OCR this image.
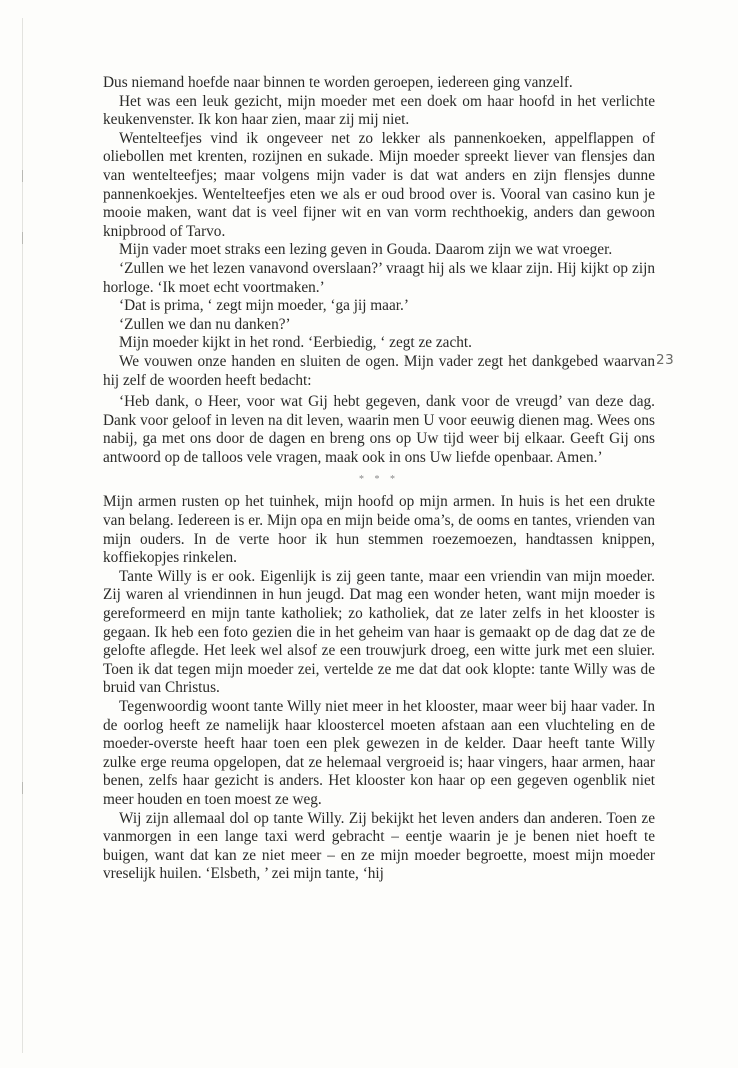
23

Dus niemand hoefde naar binnen te worden geroepen, iedereen ging vanzelf.

Het was een leuk gezicht, mijn moeder met een doek om haar hoofd in het verlichte keukenvenster. Ik kon haar zien, maar zij mij niet.

Wentelteefjes vind ik ongeveer net zo lekker als pannenkoeken, appelflappen of oliebollen met krenten, rozijnen en sukade. Mijn moeder spreekt liever van flensjes dan van wentelteefjes; maar volgens mijn vader is dat wat anders en zijn flensjes dunne pannenkoekjes. Wentelteefjes eten we als er oud brood over is. Vooral van casino kun je mooie maken, want dat is veel fijner wit en van vorm rechthoekig, anders dan gewoon knipbrood of Tarvo.

Mijn vader moet straks een lezing geven in Gouda. Daarom zijn we wat vroeger.

‘Zullen we het lezen vanavond overslaan?’ vraagt hij als we klaar zijn. Hij kijkt op zijn horloge. ‘Ik moet echt voortmaken.’

‘Dat is prima, ‘ zegt mijn moeder, ‘ga jij maar.’

‘Zullen we dan nu danken?’

Mijn moeder kijkt in het rond. ‘Eerbiedig, ‘ zegt ze zacht.

We vouwen onze handen en sluiten de ogen. Mijn vader zegt het dankgebed waarvan hij zelf de woorden heeft bedacht:

‘Heb dank, o Heer, voor wat Gij hebt gegeven, dank voor de vreugd’ van deze dag. Dank voor geloof in leven na dit leven, waarin men U voor eeuwig dienen mag. Wees ons nabij, ga met ons door de dagen en breng ons op Uw tijd weer bij elkaar. Geeft Gij ons antwoord op de talloos vele vragen, maak ook in ons Uw liefde openbaar. Amen.’

* * *

Mijn armen rusten op het tuinhek, mijn hoofd op mijn armen. In huis is het een drukte van belang. Iedereen is er. Mijn opa en mijn beide oma’s, de ooms en tantes, vrienden van mijn ouders. In de verte hoor ik hun stemmen roezemoezen, handtassen knippen, koffiekopjes rinkelen.

Tante Willy is er ook. Eigenlijk is zij geen tante, maar een vriendin van mijn moeder. Zij waren al vriendinnen in hun jeugd. Dat mag een wonder heten, want mijn moeder is gereformeerd en mijn tante katholiek; zo katholiek, dat ze later zelfs in het klooster is gegaan. Ik heb een foto gezien die in het geheim van haar is gemaakt op de dag dat ze de gelofte aflegde. Het leek wel alsof ze een trouwjurk droeg, een witte jurk met een sluier. Toen ik dat tegen mijn moeder zei, vertelde ze me dat dat ook klopte: tante Willy was de bruid van Christus.

Tegenwoordig woont tante Willy niet meer in het klooster, maar weer bij haar vader. In de oorlog heeft ze namelijk haar kloostercel moeten afstaan aan een vluchteling en de moeder-overste heeft haar toen een plek gewezen in de kelder. Daar heeft tante Willy zulke erge reuma opgelopen, dat ze helemaal vergroeid is; haar vingers, haar armen, haar benen, zelfs haar gezicht is anders. Het klooster kon haar op een gegeven ogenblik niet meer houden en toen moest ze weg.

Wij zijn allemaal dol op tante Willy. Zij bekijkt het leven anders dan anderen. Toen ze vanmorgen in een lange taxi werd gebracht – eentje waarin je je benen niet hoeft te buigen, want dat kan ze niet meer – en ze mijn moeder begroette, moest mijn moeder vreselijk huilen. ‘Elsbeth, ’ zei mijn tante, ‘hij
